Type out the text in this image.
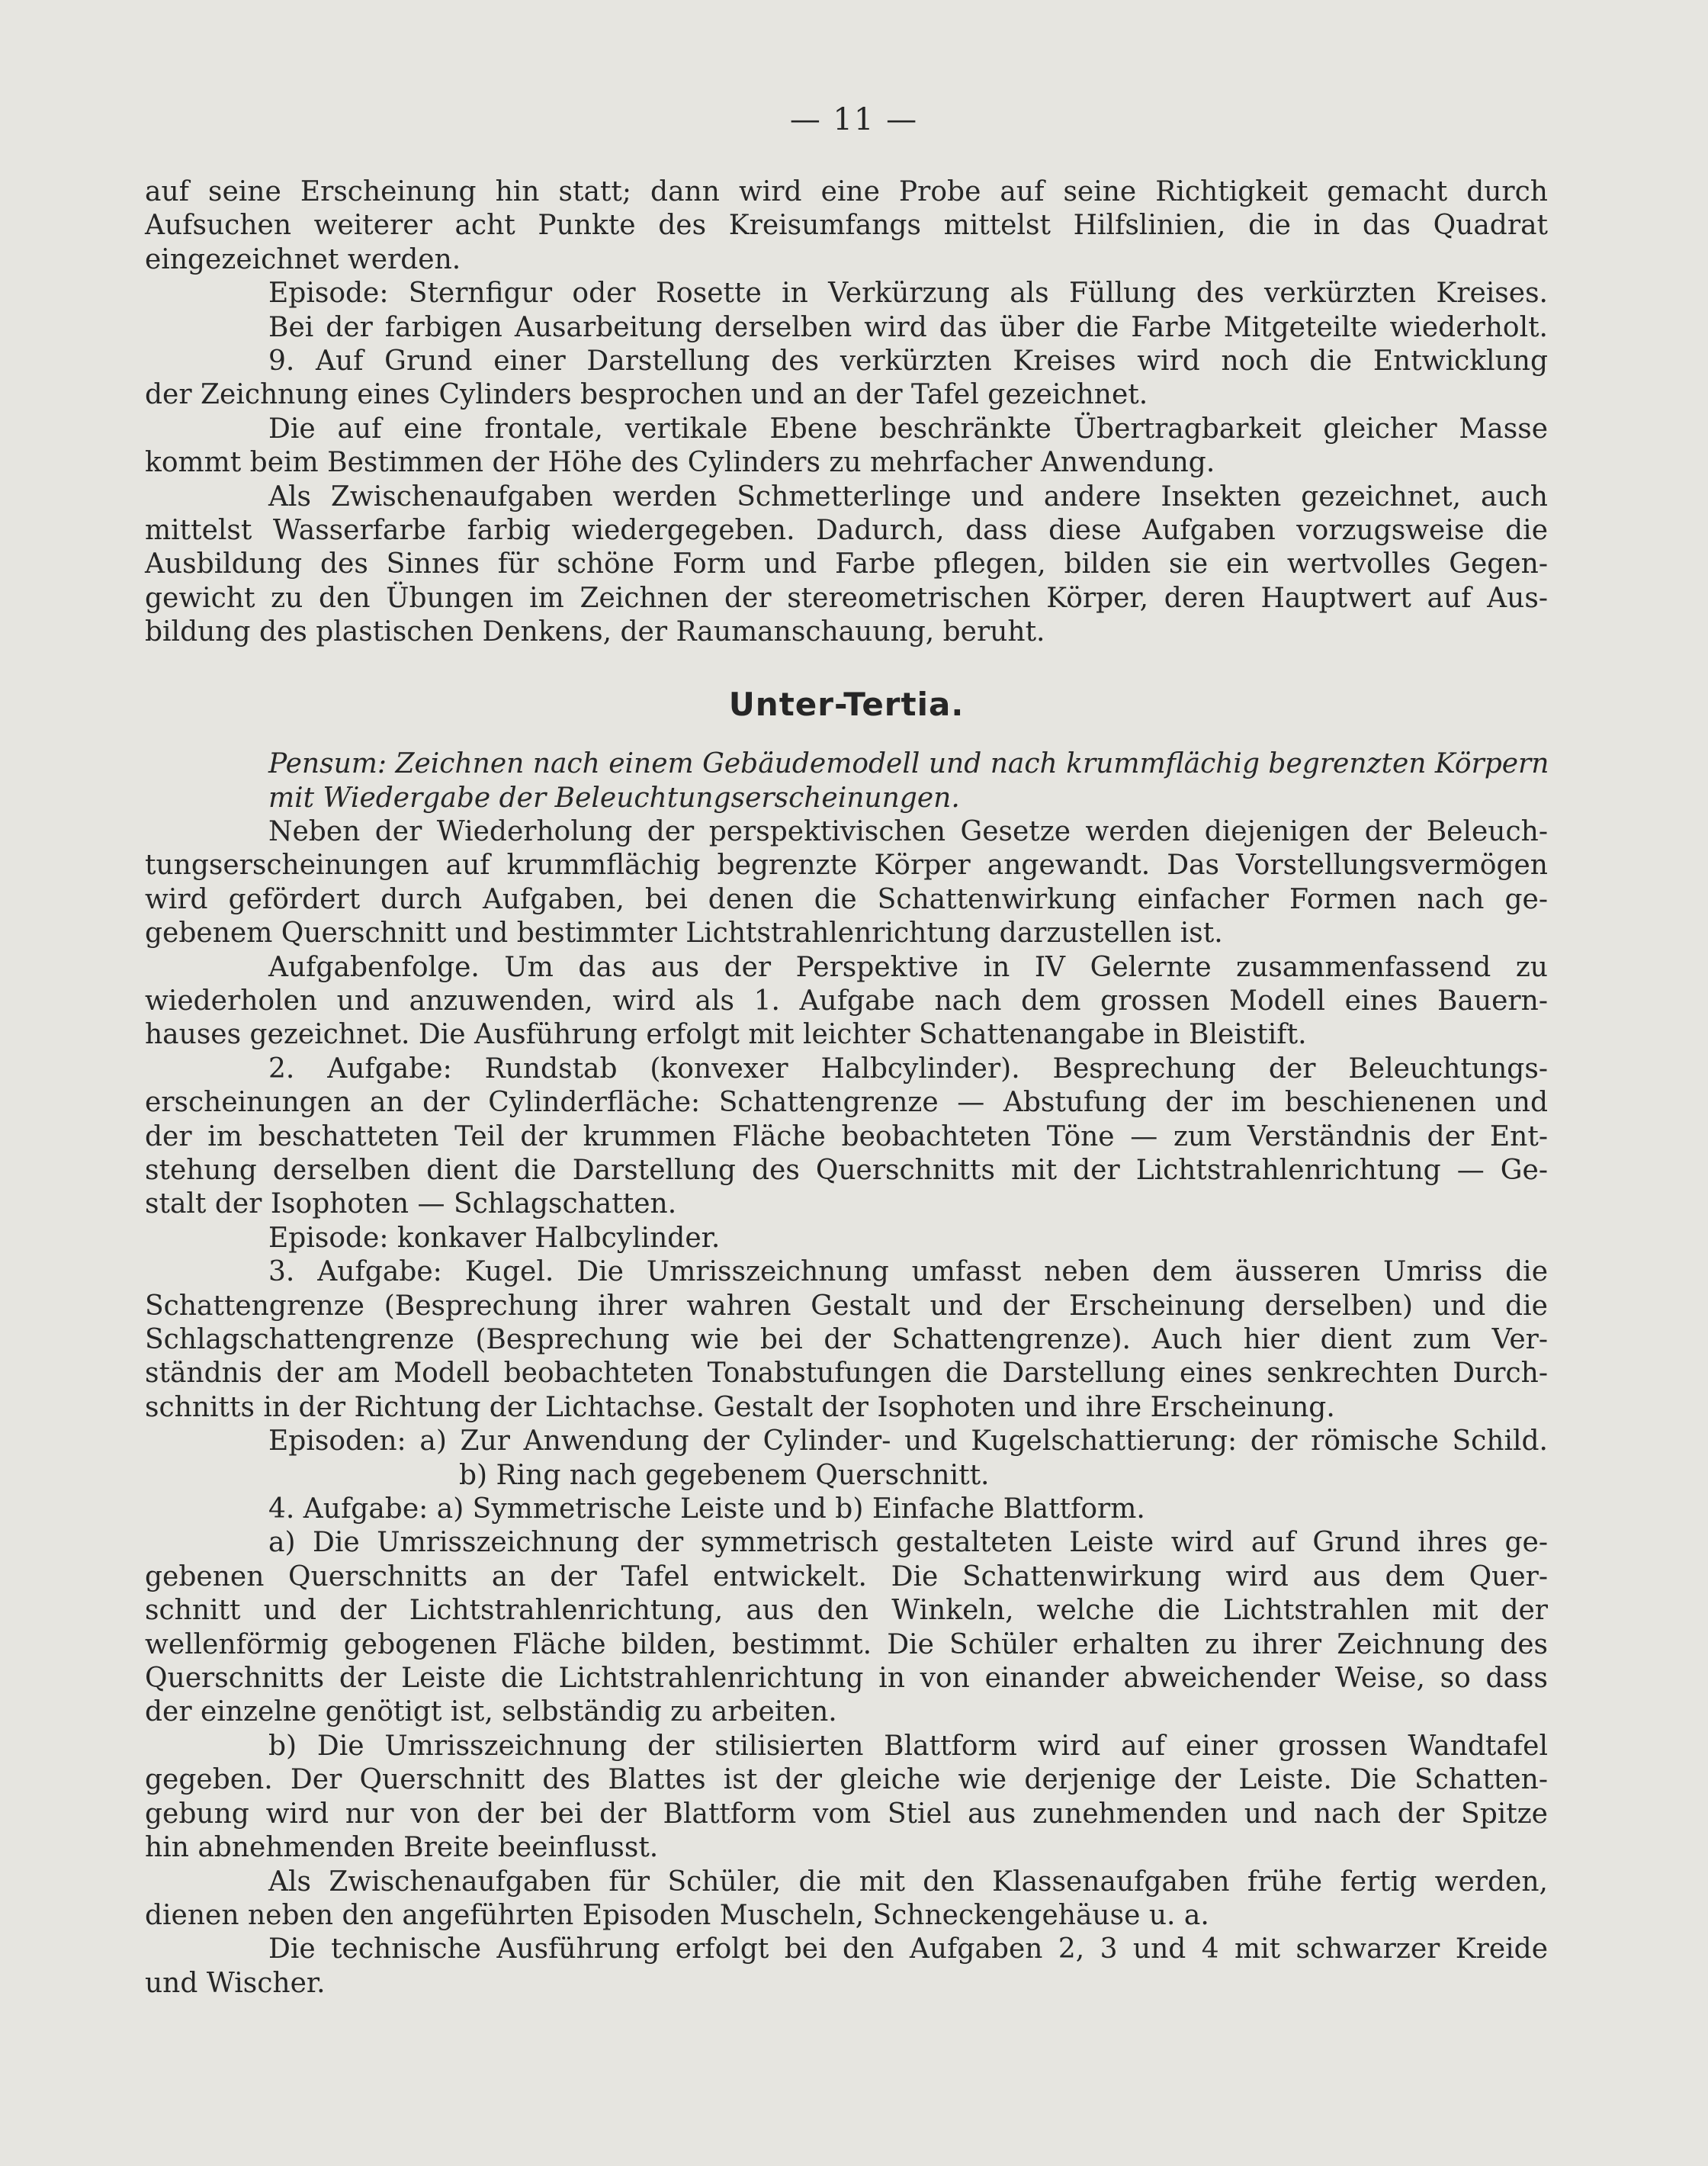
— 11 —
auf seine Erscheinung hin statt; dann wird eine Probe auf seine Richtigkeit gemacht durch
Aufsuchen weiterer acht Punkte des Kreisumfangs mittelst Hilfslinien, die in das Quadrat
eingezeichnet werden.
Episode: Sternfigur oder Rosette in Verkürzung als Füllung des verkürzten Kreises.
Bei der farbigen Ausarbeitung derselben wird das über die Farbe Mitgeteilte wiederholt.
9. Auf Grund einer Darstellung des verkürzten Kreises wird noch die Entwicklung
der Zeichnung eines Cylinders besprochen und an der Tafel gezeichnet.
Die auf eine frontale, vertikale Ebene beschränkte Übertragbarkeit gleicher Masse
kommt beim Bestimmen der Höhe des Cylinders zu mehrfacher Anwendung.
Als Zwischenaufgaben werden Schmetterlinge und andere Insekten gezeichnet, auch
mittelst Wasserfarbe farbig wiedergegeben. Dadurch, dass diese Aufgaben vorzugsweise die
Ausbildung des Sinnes für schöne Form und Farbe pflegen, bilden sie ein wertvolles Gegen-
gewicht zu den Übungen im Zeichnen der stereometrischen Körper, deren Hauptwert auf Aus-
bildung des plastischen Denkens, der Raumanschauung, beruht.
Unter-Tertia.
Pensum: Zeichnen nach einem Gebäudemodell und nach krummflächig begrenzten Körpern
mit Wiedergabe der Beleuchtungserscheinungen.
Neben der Wiederholung der perspektivischen Gesetze werden diejenigen der Beleuch-
tungserscheinungen auf krummflächig begrenzte Körper angewandt. Das Vorstellungsvermögen
wird gefördert durch Aufgaben, bei denen die Schattenwirkung einfacher Formen nach ge-
gebenem Querschnitt und bestimmter Lichtstrahlenrichtung darzustellen ist.
Aufgabenfolge. Um das aus der Perspektive in IV Gelernte zusammenfassend zu
wiederholen und anzuwenden, wird als 1. Aufgabe nach dem grossen Modell eines Bauern-
hauses gezeichnet. Die Ausführung erfolgt mit leichter Schattenangabe in Bleistift.
2. Aufgabe: Rundstab (konvexer Halbcylinder). Besprechung der Beleuchtungs-
erscheinungen an der Cylinderfläche: Schattengrenze — Abstufung der im beschienenen und
der im beschatteten Teil der krummen Fläche beobachteten Töne — zum Verständnis der Ent-
stehung derselben dient die Darstellung des Querschnitts mit der Lichtstrahlenrichtung — Ge-
stalt der Isophoten — Schlagschatten.
Episode: konkaver Halbcylinder.
3. Aufgabe: Kugel. Die Umrisszeichnung umfasst neben dem äusseren Umriss die
Schattengrenze (Besprechung ihrer wahren Gestalt und der Erscheinung derselben) und die
Schlagschattengrenze (Besprechung wie bei der Schattengrenze). Auch hier dient zum Ver-
ständnis der am Modell beobachteten Tonabstufungen die Darstellung eines senkrechten Durch-
schnitts in der Richtung der Lichtachse. Gestalt der Isophoten und ihre Erscheinung.
Episoden: a) Zur Anwendung der Cylinder- und Kugelschattierung: der römische Schild.
b) Ring nach gegebenem Querschnitt.
4. Aufgabe: a) Symmetrische Leiste und b) Einfache Blattform.
a) Die Umrisszeichnung der symmetrisch gestalteten Leiste wird auf Grund ihres ge-
gebenen Querschnitts an der Tafel entwickelt. Die Schattenwirkung wird aus dem Quer-
schnitt und der Lichtstrahlenrichtung, aus den Winkeln, welche die Lichtstrahlen mit der
wellenförmig gebogenen Fläche bilden, bestimmt. Die Schüler erhalten zu ihrer Zeichnung des
Querschnitts der Leiste die Lichtstrahlenrichtung in von einander abweichender Weise, so dass
der einzelne genötigt ist, selbständig zu arbeiten.
b) Die Umrisszeichnung der stilisierten Blattform wird auf einer grossen Wandtafel
gegeben. Der Querschnitt des Blattes ist der gleiche wie derjenige der Leiste. Die Schatten-
gebung wird nur von der bei der Blattform vom Stiel aus zunehmenden und nach der Spitze
hin abnehmenden Breite beeinflusst.
Als Zwischenaufgaben für Schüler, die mit den Klassenaufgaben frühe fertig werden,
dienen neben den angeführten Episoden Muscheln, Schneckengehäuse u. a.
Die technische Ausführung erfolgt bei den Aufgaben 2, 3 und 4 mit schwarzer Kreide
und Wischer.
